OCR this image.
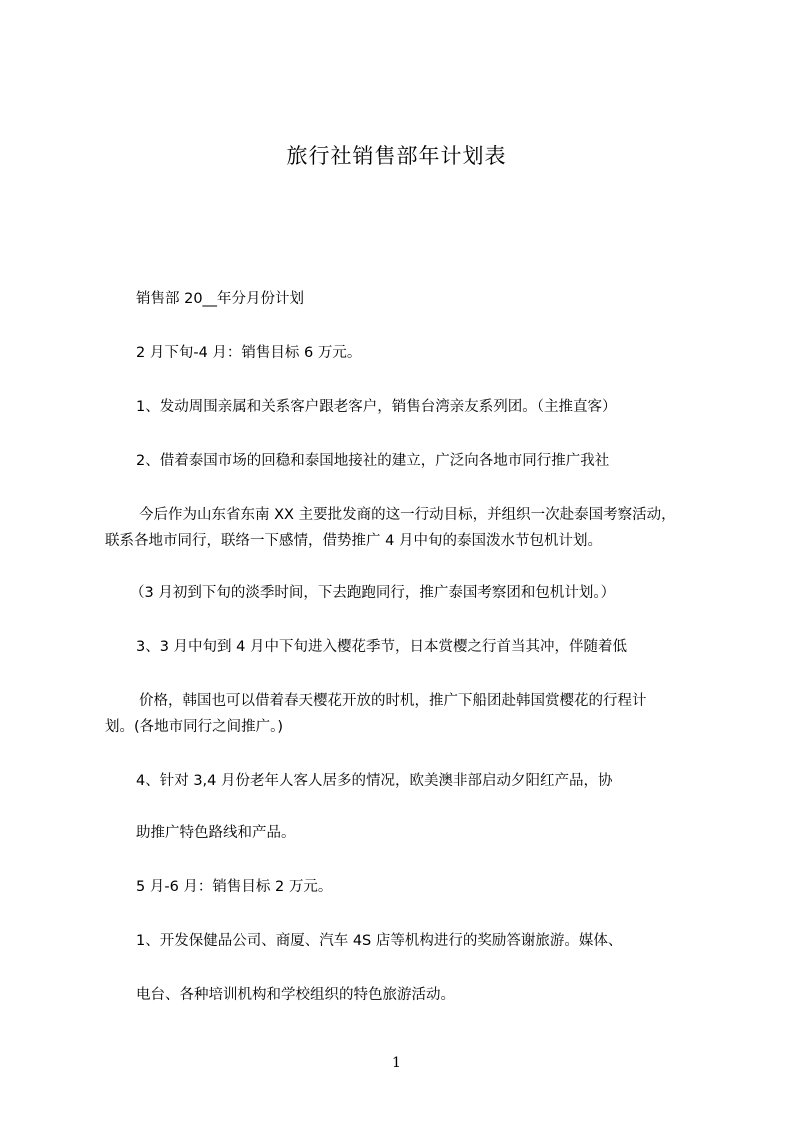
旅行社销售部年计划表
销售部 20__年分月份计划
2 月下旬-4 月：销售目标 6 万元。
1、发动周围亲属和关系客户跟老客户，销售台湾亲友系列团。（主推直客）
2、借着泰国市场的回稳和泰国地接社的建立，广泛向各地市同行推广我社
今后作为山东省东南 XX 主要批发商的这一行动目标，并组织一次赴泰国考察活动，
联系各地市同行，联络一下感情，借势推广 4 月中旬的泰国泼水节包机计划。
（3 月初到下旬的淡季时间，下去跑跑同行，推广泰国考察团和包机计划。）
3、3 月中旬到 4 月中下旬进入樱花季节，日本赏樱之行首当其冲，伴随着低
价格，韩国也可以借着春天樱花开放的时机，推广下船团赴韩国赏樱花的行程计
划。(各地市同行之间推广。)
4、针对 3,4 月份老年人客人居多的情况，欧美澳非部启动夕阳红产品，协
助推广特色路线和产品。
5 月-6 月：销售目标 2 万元。
1、开发保健品公司、商厦、汽车 4S 店等机构进行的奖励答谢旅游。媒体、
电台、各种培训机构和学校组织的特色旅游活动。
1
